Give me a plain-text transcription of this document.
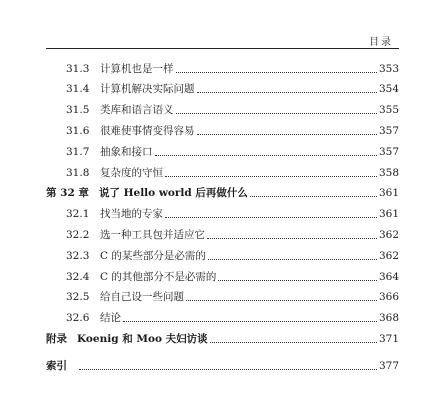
目录
31.3	计算机也是一样	353
31.4	计算机解决实际问题	354
31.5	类库和语言语义	355
31.6	很难使事情变得容易	357
31.7	抽象和接口	357
31.8	复杂度的守恒	358
第 32 章 说了 Hello world 后再做什么	361
32.1	找当地的专家	361
32.2	选一种工具包并适应它	362
32.3	C 的某些部分是必需的	362
32.4	C 的其他部分不是必需的	364
32.5	给自己设一些问题	366
32.6	结论	368
附录 Koenig 和 Moo 夫妇访谈	371
索引	377
